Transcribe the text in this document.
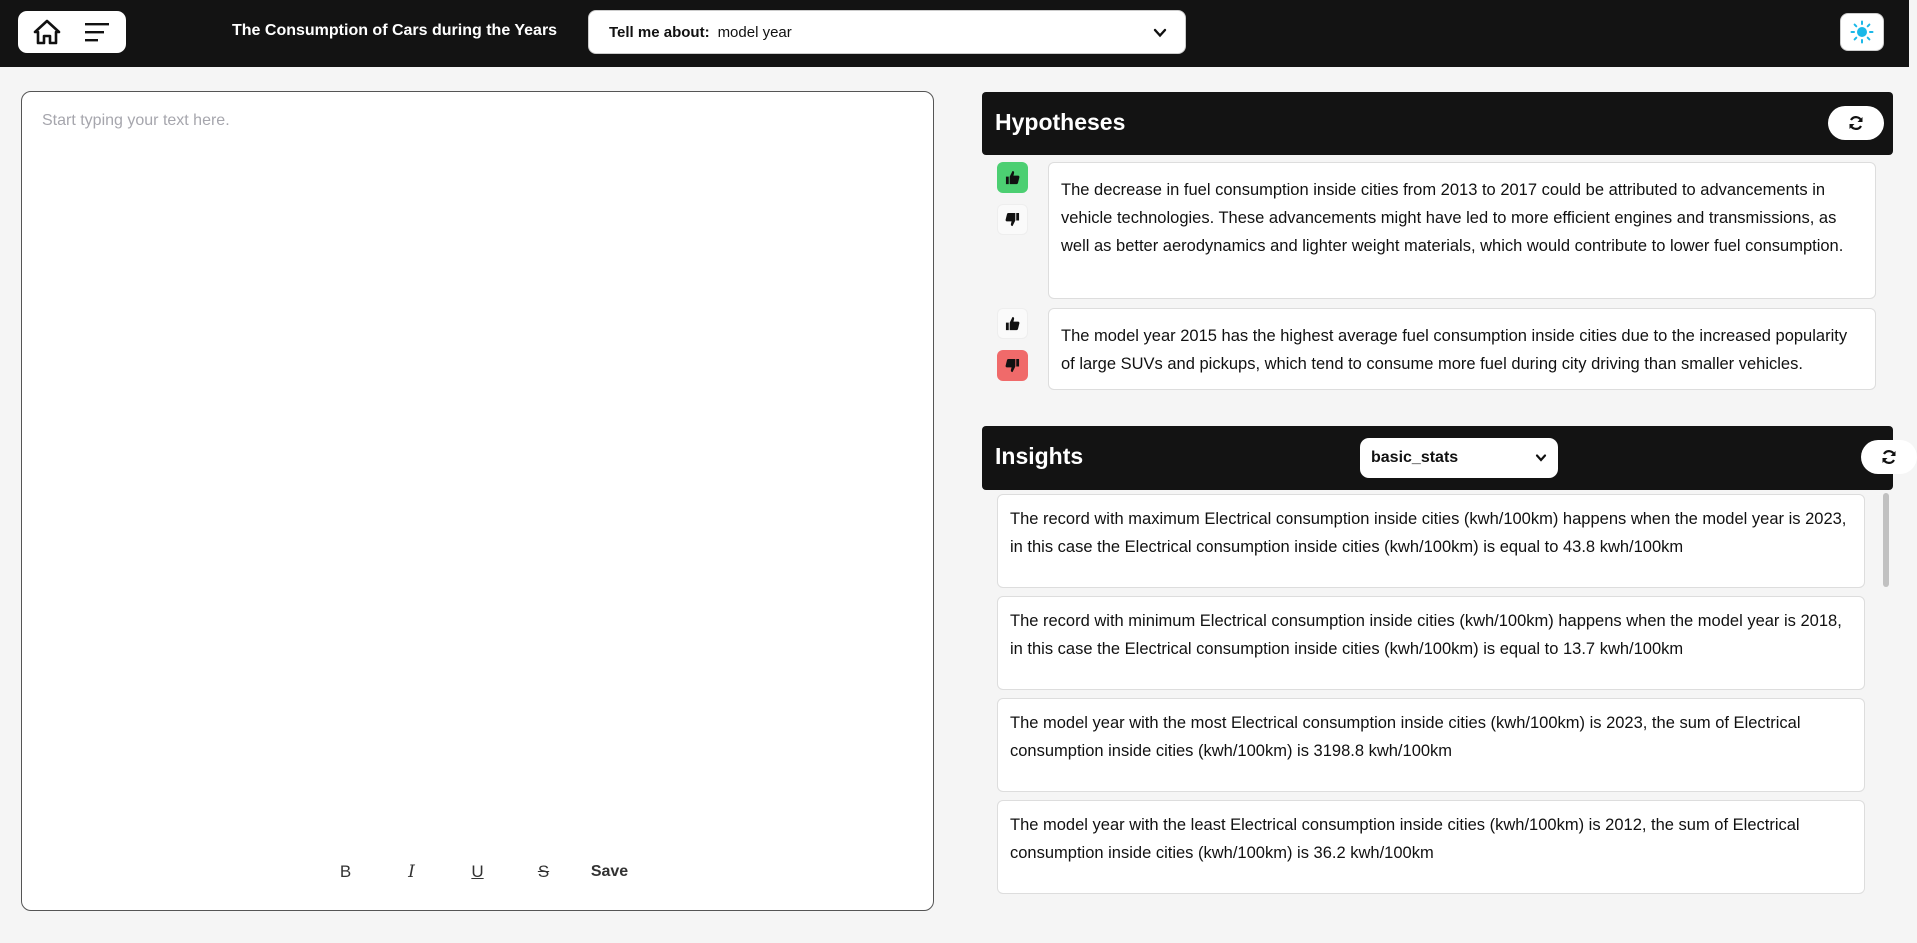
The Consumption of Cars during the Years	Tell me about: model year
Start typing your text here.
B	I	U	S	Save
Hypotheses
The decrease in fuel consumption inside cities from 2013 to 2017 could be attributed to advancements in vehicle technologies. These advancements might have led to more efficient engines and transmissions, as well as better aerodynamics and lighter weight materials, which would contribute to lower fuel consumption.
The model year 2015 has the highest average fuel consumption inside cities due to the increased popularity of large SUVs and pickups, which tend to consume more fuel during city driving than smaller vehicles.
Insights	basic_stats
The record with maximum Electrical consumption inside cities (kwh/100km) happens when the model year is 2023, in this case the Electrical consumption inside cities (kwh/100km) is equal to 43.8 kwh/100km
The record with minimum Electrical consumption inside cities (kwh/100km) happens when the model year is 2018, in this case the Electrical consumption inside cities (kwh/100km) is equal to 13.7 kwh/100km
The model year with the most Electrical consumption inside cities (kwh/100km) is 2023, the sum of Electrical consumption inside cities (kwh/100km) is 3198.8 kwh/100km
The model year with the least Electrical consumption inside cities (kwh/100km) is 2012, the sum of Electrical consumption inside cities (kwh/100km) is 36.2 kwh/100km
